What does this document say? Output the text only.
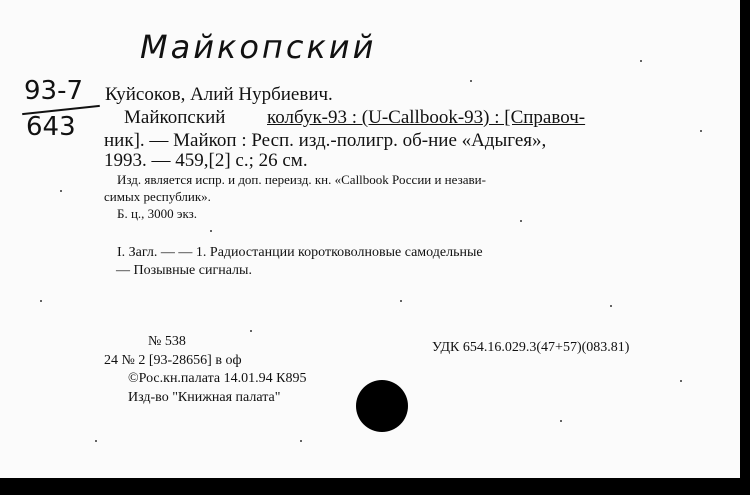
Майкопский
93-7
643
Куйсоков, Алий Нурбиевич.
Майкопский колбук-93 : (U-Callbook-93) : [Справоч-
ник]. — Майкоп : Респ. изд.-полигр. об-ние «Адыгея»,
1993. — 459,[2] с.; 26 см.
Изд. является испр. и доп. переизд. кн. «Callbook России и незави-
симых республик».
Б. ц., 3000 экз.
I. Загл. — — 1. Радиостанции коротковолновые самодельные
— Позывные сигналы.
№ 538
24 № 2 [93-28656] в оф
УДК 654.16.029.3(47+57)(083.81)
©Рос.кн.палата 14.01.94 К895
Изд-во "Книжная палата"
